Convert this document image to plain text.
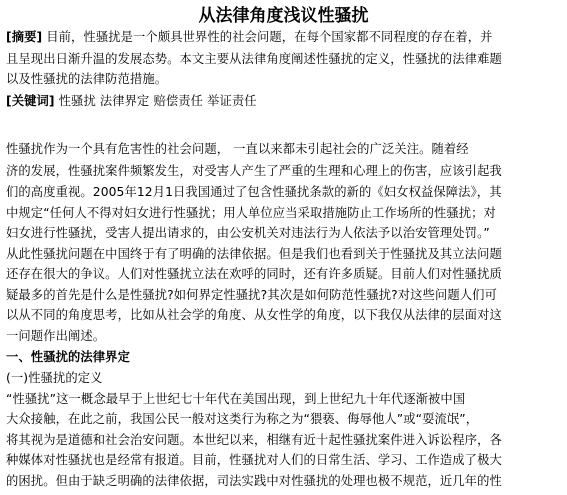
从法律角度浅议性骚扰
[摘要] 目前，性骚扰是一个颇具世界性的社会问题，在每个国家都不同程度的存在着，并
且呈现出日渐升温的发展态势。本文主要从法律角度阐述性骚扰的定义，性骚扰的法律难题
以及性骚扰的法律防范措施。
[关键词] 性骚扰 法律界定 赔偿责任 举证责任
性骚扰作为一个具有危害性的社会问题， 一直以来都未引起社会的广泛关注。随着经
济的发展，性骚扰案件频繁发生，对受害人产生了严重的生理和心理上的伤害，应该引起我
们的高度重视。2005年12月1日我国通过了包含性骚扰条款的新的《妇女权益保障法》，其
中规定“任何人不得对妇女进行性骚扰；用人单位应当采取措施防止工作场所的性骚扰；对
妇女进行性骚扰，受害人提出请求的，由公安机关对违法行为人依法予以治安管理处罚。”
从此性骚扰问题在中国终于有了明确的法律依据。但是我们也看到关于性骚扰及其立法问题
还存在很大的争议。人们对性骚扰立法在欢呼的同时，还有许多质疑。目前人们对性骚扰质
疑最多的首先是什么是性骚扰?如何界定性骚扰?其次是如何防范性骚扰?对这些问题人们可
以从不同的角度思考，比如从社会学的角度、从女性学的角度，以下我仅从法律的层面对这
一问题作出阐述。
一、性骚扰的法律界定
(一)性骚扰的定义
“性骚扰”这一概念最早于上世纪七十年代在美国出现，到上世纪九十年代逐渐被中国
大众接触，在此之前，我国公民一般对这类行为称之为“猥亵、侮辱他人”或“耍流氓”，
将其视为是道德和社会治安问题。本世纪以来，相继有近十起性骚扰案件进入诉讼程序，各
种媒体对性骚扰也是经常有报道。目前，性骚扰对人们的日常生活、学习、工作造成了极大
的困扰。但由于缺乏明确的法律依据，司法实践中对性骚扰的处理也极不规范，近几年的性
